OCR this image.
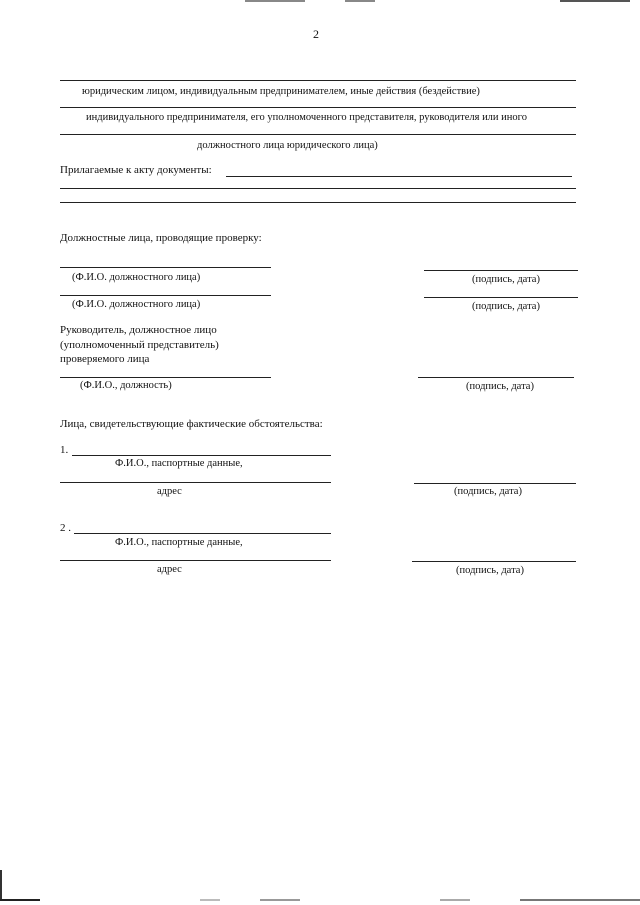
2
юридическим лицом, индивидуальным предпринимателем, иные действия (бездействие)
индивидуального предпринимателя, его уполномоченного представителя, руководителя или иного
должностного лица юридического лица)
Прилагаемые к акту документы:
Должностные лица, проводящие проверку:
(Ф.И.О. должностного лица)	(подпись, дата)
(Ф.И.О. должностного лица)	(подпись, дата)
Руководитель, должностное лицо
(уполномоченный представитель)
проверяемого лица
(Ф.И.О., должность)	(подпись, дата)
Лица, свидетельствующие фактические обстоятельства:
1.
Ф.И.О., паспортные данные,
адрес	(подпись, дата)
2 .
Ф.И.О., паспортные данные,
адрес	(подпись, дата)
